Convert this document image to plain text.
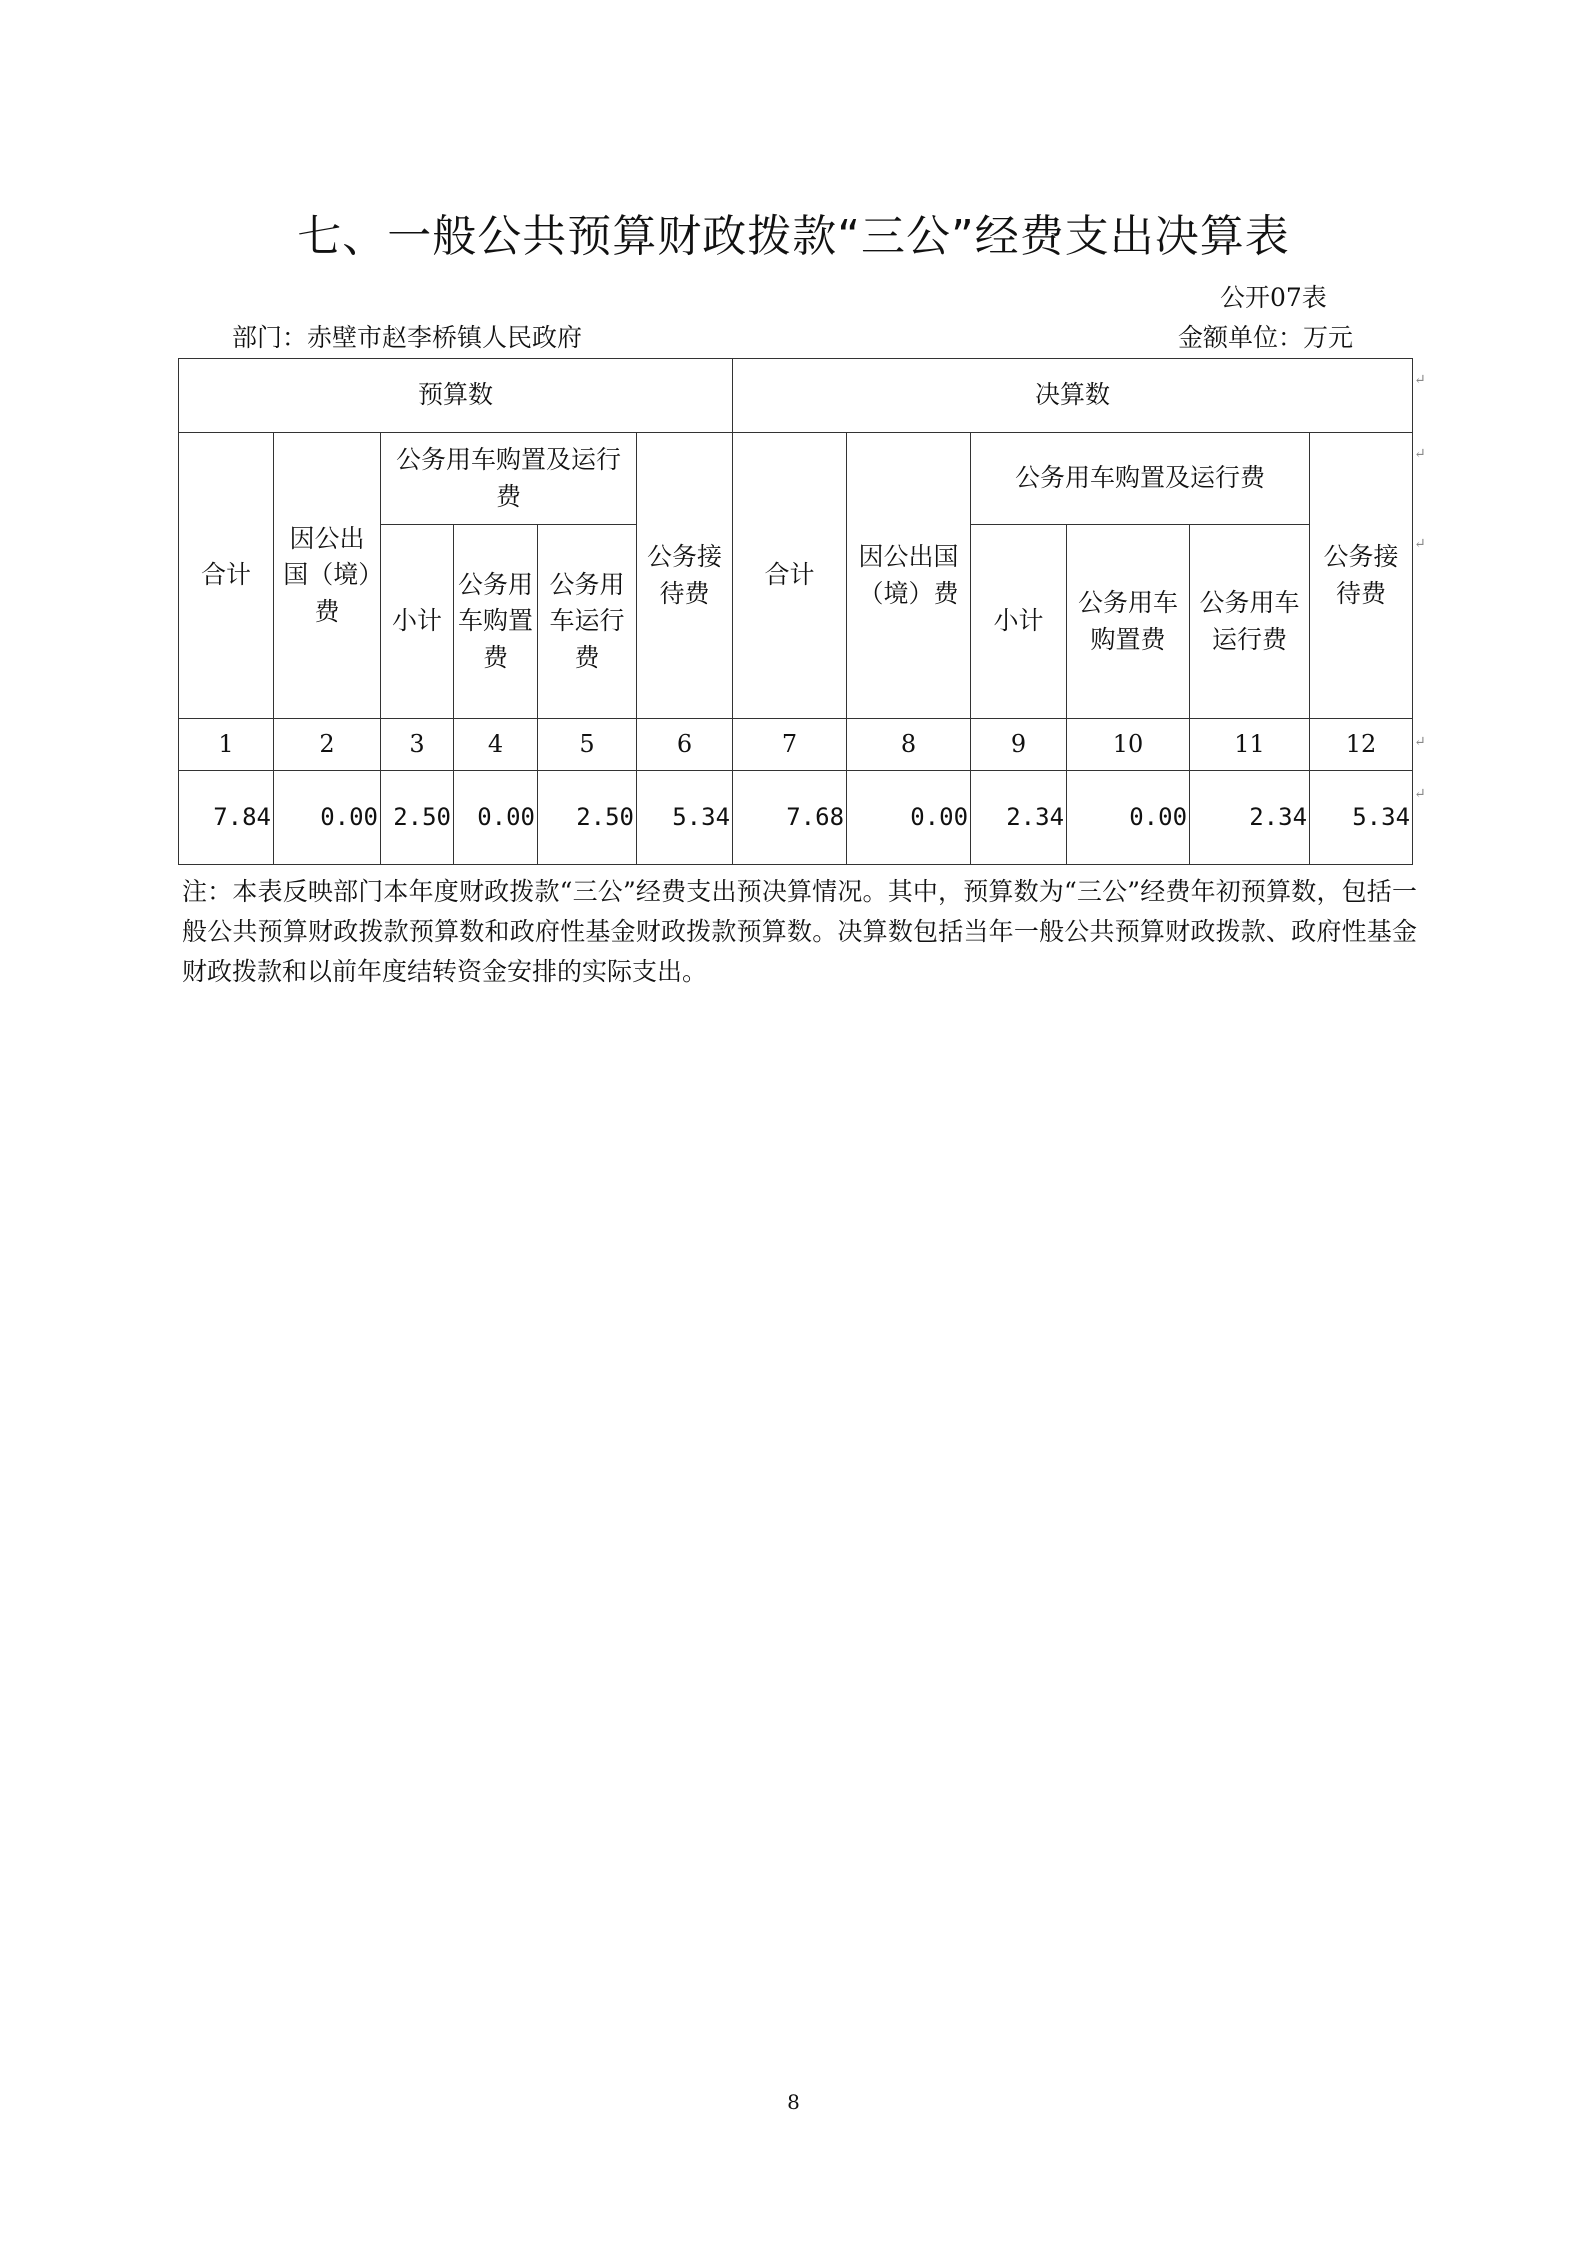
七、一般公共预算财政拨款“三公”经费支出决算表
公开07表
部门：赤壁市赵李桥镇人民政府	金额单位：万元
预算数						决算数					
合计	因公出国（境）费	公务用车购置及运行费			公务接待费	合计	因公出国（境）费	公务用车购置及运行费			公务接待费
		小计	公务用车购置费	公务用车运行费				小计	公务用车购置费	公务用车运行费	
1	2	3	4	5	6	7	8	9	10	11	12
7.84	0.00	2.50	0.00	2.50	5.34	7.68	0.00	2.34	0.00	2.34	5.34
↵
↵
↵
↵
↵
注：本表反映部门本年度财政拨款“三公”经费支出预决算情况。其中，预算数为“三公”经费年初预算数，包括一般公共预算财政拨款预算数和政府性基金财政拨款预算数。决算数包括当年一般公共预算财政拨款、政府性基金财政拨款和以前年度结转资金安排的实际支出。
8
